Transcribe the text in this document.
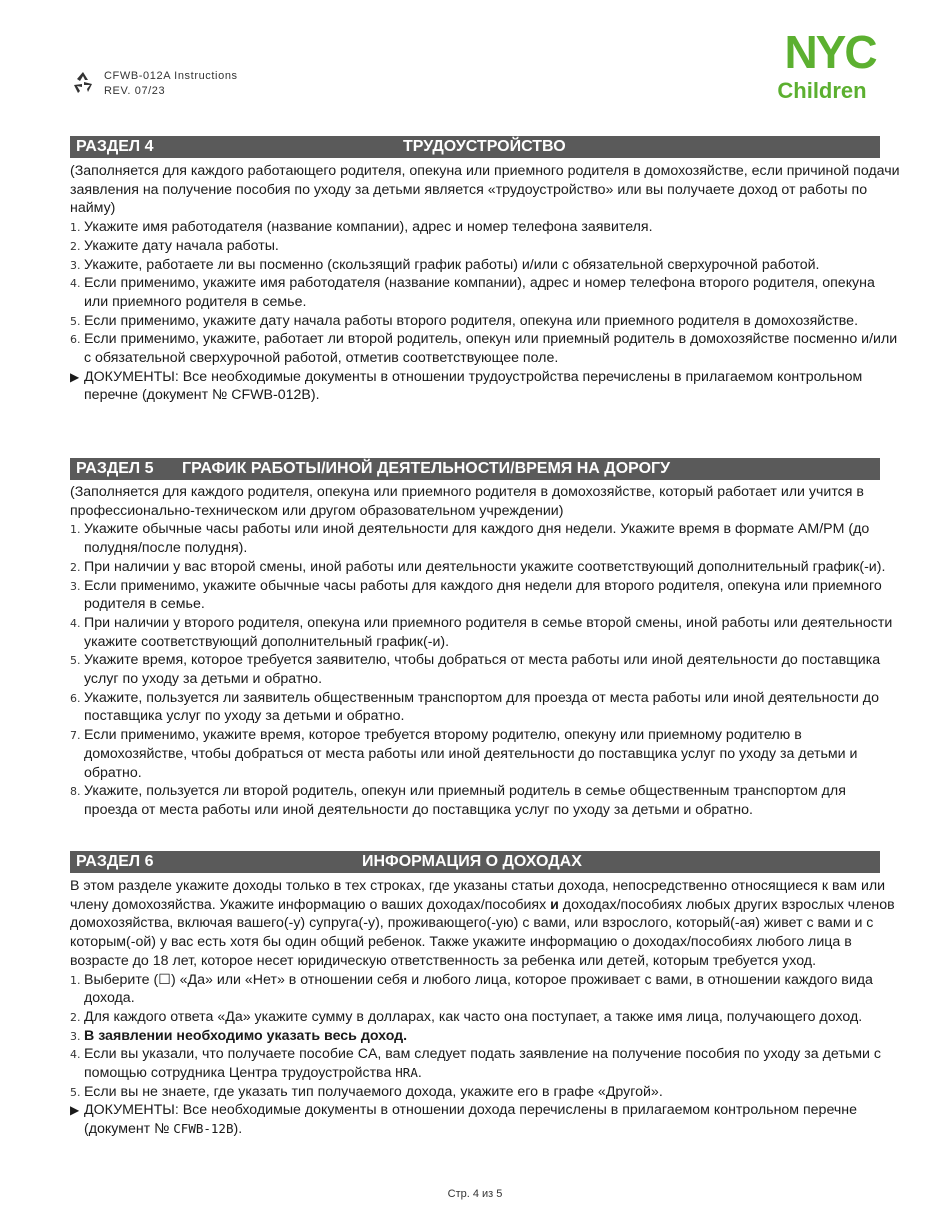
CFWB-012A Instructions
REV. 07/23
NYC
Children
РАЗДЕЛ 4	ТРУДОУСТРОЙСТВО

(Заполняется для каждого работающего родителя, опекуна или приемного родителя в домохозяйстве, если причиной подачи заявления на получение пособия по уходу за детьми является «трудоустройство» или вы получаете доход от работы по найму)

1. Укажите имя работодателя (название компании), адрес и номер телефона заявителя.
2. Укажите дату начала работы.
3. Укажите, работаете ли вы посменно (скользящий график работы) и/или с обязательной сверхурочной работой.
4. Если применимо, укажите имя работодателя (название компании), адрес и номер телефона второго родителя, опекуна или приемного родителя в семье.
5. Если применимо, укажите дату начала работы второго родителя, опекуна или приемного родителя в домохозяйстве.
6. Если применимо, укажите, работает ли второй родитель, опекун или приемный родитель в домохозяйстве посменно и/или с обязательной сверхурочной работой, отметив соответствующее поле.
▶ ДОКУМЕНТЫ: Все необходимые документы в отношении трудоустройства перечислены в прилагаемом контрольном перечне (документ № CFWB-012B).
РАЗДЕЛ 5 ГРАФИК РАБОТЫ/ИНОЙ ДЕЯТЕЛЬНОСТИ/ВРЕМЯ НА ДОРОГУ

(Заполняется для каждого родителя, опекуна или приемного родителя в домохозяйстве, который работает или учится в профессионально-техническом или другом образовательном учреждении)

1. Укажите обычные часы работы или иной деятельности для каждого дня недели. Укажите время в формате AM/PM (до полудня/после полудня).
2. При наличии у вас второй смены, иной работы или деятельности укажите соответствующий дополнительный график(-и).
3. Если применимо, укажите обычные часы работы для каждого дня недели для второго родителя, опекуна или приемного родителя в семье.
4. При наличии у второго родителя, опекуна или приемного родителя в семье второй смены, иной работы или деятельности укажите соответствующий дополнительный график(-и).
5. Укажите время, которое требуется заявителю, чтобы добраться от места работы или иной деятельности до поставщика услуг по уходу за детьми и обратно.
6. Укажите, пользуется ли заявитель общественным транспортом для проезда от места работы или иной деятельности до поставщика услуг по уходу за детьми и обратно.
7. Если применимо, укажите время, которое требуется второму родителю, опекуну или приемному родителю в домохозяйстве, чтобы добраться от места работы или иной деятельности до поставщика услуг по уходу за детьми и обратно.
8. Укажите, пользуется ли второй родитель, опекун или приемный родитель в семье общественным транспортом для проезда от места работы или иной деятельности до поставщика услуг по уходу за детьми и обратно.
РАЗДЕЛ 6	ИНФОРМАЦИЯ О ДОХОДАХ

В этом разделе укажите доходы только в тех строках, где указаны статьи дохода, непосредственно относящиеся к вам или члену домохозяйства. Укажите информацию о ваших доходах/пособиях и доходах/пособиях любых других взрослых членов домохозяйства, включая вашего(-у) супруга(-у), проживающего(-ую) с вами, или взрослого, который(-ая) живет с вами и с которым(-ой) у вас есть хотя бы один общий ребенок. Также укажите информацию о доходах/пособиях любого лица в возрасте до 18 лет, которое несет юридическую ответственность за ребенка или детей, которым требуется уход.

1. Выберите (☐) «Да» или «Нет» в отношении себя и любого лица, которое проживает с вами, в отношении каждого вида дохода.
2. Для каждого ответа «Да» укажите сумму в долларах, как часто она поступает, а также имя лица, получающего доход.
3. В заявлении необходимо указать весь доход.
4. Если вы указали, что получаете пособие CA, вам следует подать заявление на получение пособия по уходу за детьми с помощью сотрудника Центра трудоустройства HRA.
5. Если вы не знаете, где указать тип получаемого дохода, укажите его в графе «Другой».
▶ ДОКУМЕНТЫ: Все необходимые документы в отношении дохода перечислены в прилагаемом контрольном перечне (документ № CFWB-12B).
Стр. 4 из 5
